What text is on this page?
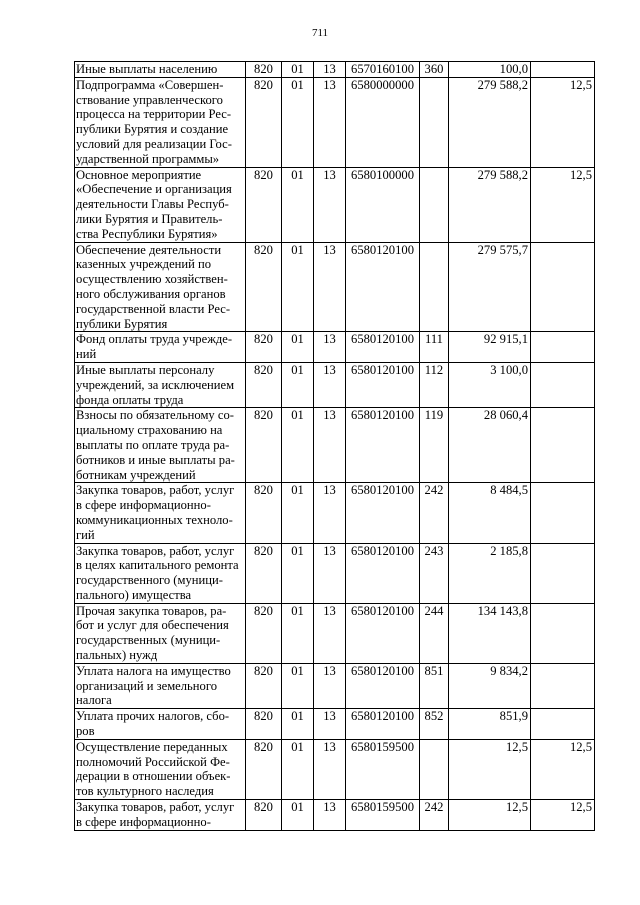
711
Иные выплаты населению	820	01	13	6570160100	360	100,0	

Подпрограмма «Совершен-ствование управленческого процесса на территории Рес-публики Бурятия и создание условий для реализации Гос-ударственной программы»	820	01	13	6580000000		279 588,2	12,5

Основное мероприятие «Обеспечение и организация деятельности Главы Респуб-лики Бурятия и Правитель-ства Республики Бурятия»	820	01	13	6580100000		279 588,2	12,5

Обеспечение деятельности казенных учреждений по осуществлению хозяйствен-ного обслуживания органов государственной власти Рес-публики Бурятия	820	01	13	6580120100		279 575,7	

Фонд оплаты труда учрежде-ний	820	01	13	6580120100	111	92 915,1	

Иные выплаты персоналу учреждений, за исключением фонда оплаты труда	820	01	13	6580120100	112	3 100,0	

Взносы по обязательному со-циальному страхованию на выплаты по оплате труда ра-ботников и иные выплаты ра-ботникам учреждений	820	01	13	6580120100	119	28 060,4	

Закупка товаров, работ, услуг в сфере информационно-коммуникационных техноло-гий	820	01	13	6580120100	242	8 484,5	

Закупка товаров, работ, услуг в целях капитального ремонта государственного (муници-пального) имущества	820	01	13	6580120100	243	2 185,8	

Прочая закупка товаров, ра-бот и услуг для обеспечения государственных (муници-пальных) нужд	820	01	13	6580120100	244	134 143,8	

Уплата налога на имущество организаций и земельного налога	820	01	13	6580120100	851	9 834,2	

Уплата прочих налогов, сбо-ров	820	01	13	6580120100	852	851,9	

Осуществление переданных полномочий Российской Фе-дерации в отношении объек-тов культурного наследия	820	01	13	6580159500		12,5	12,5

Закупка товаров, работ, услуг в сфере информационно-	820	01	13	6580159500	242	12,5	12,5
